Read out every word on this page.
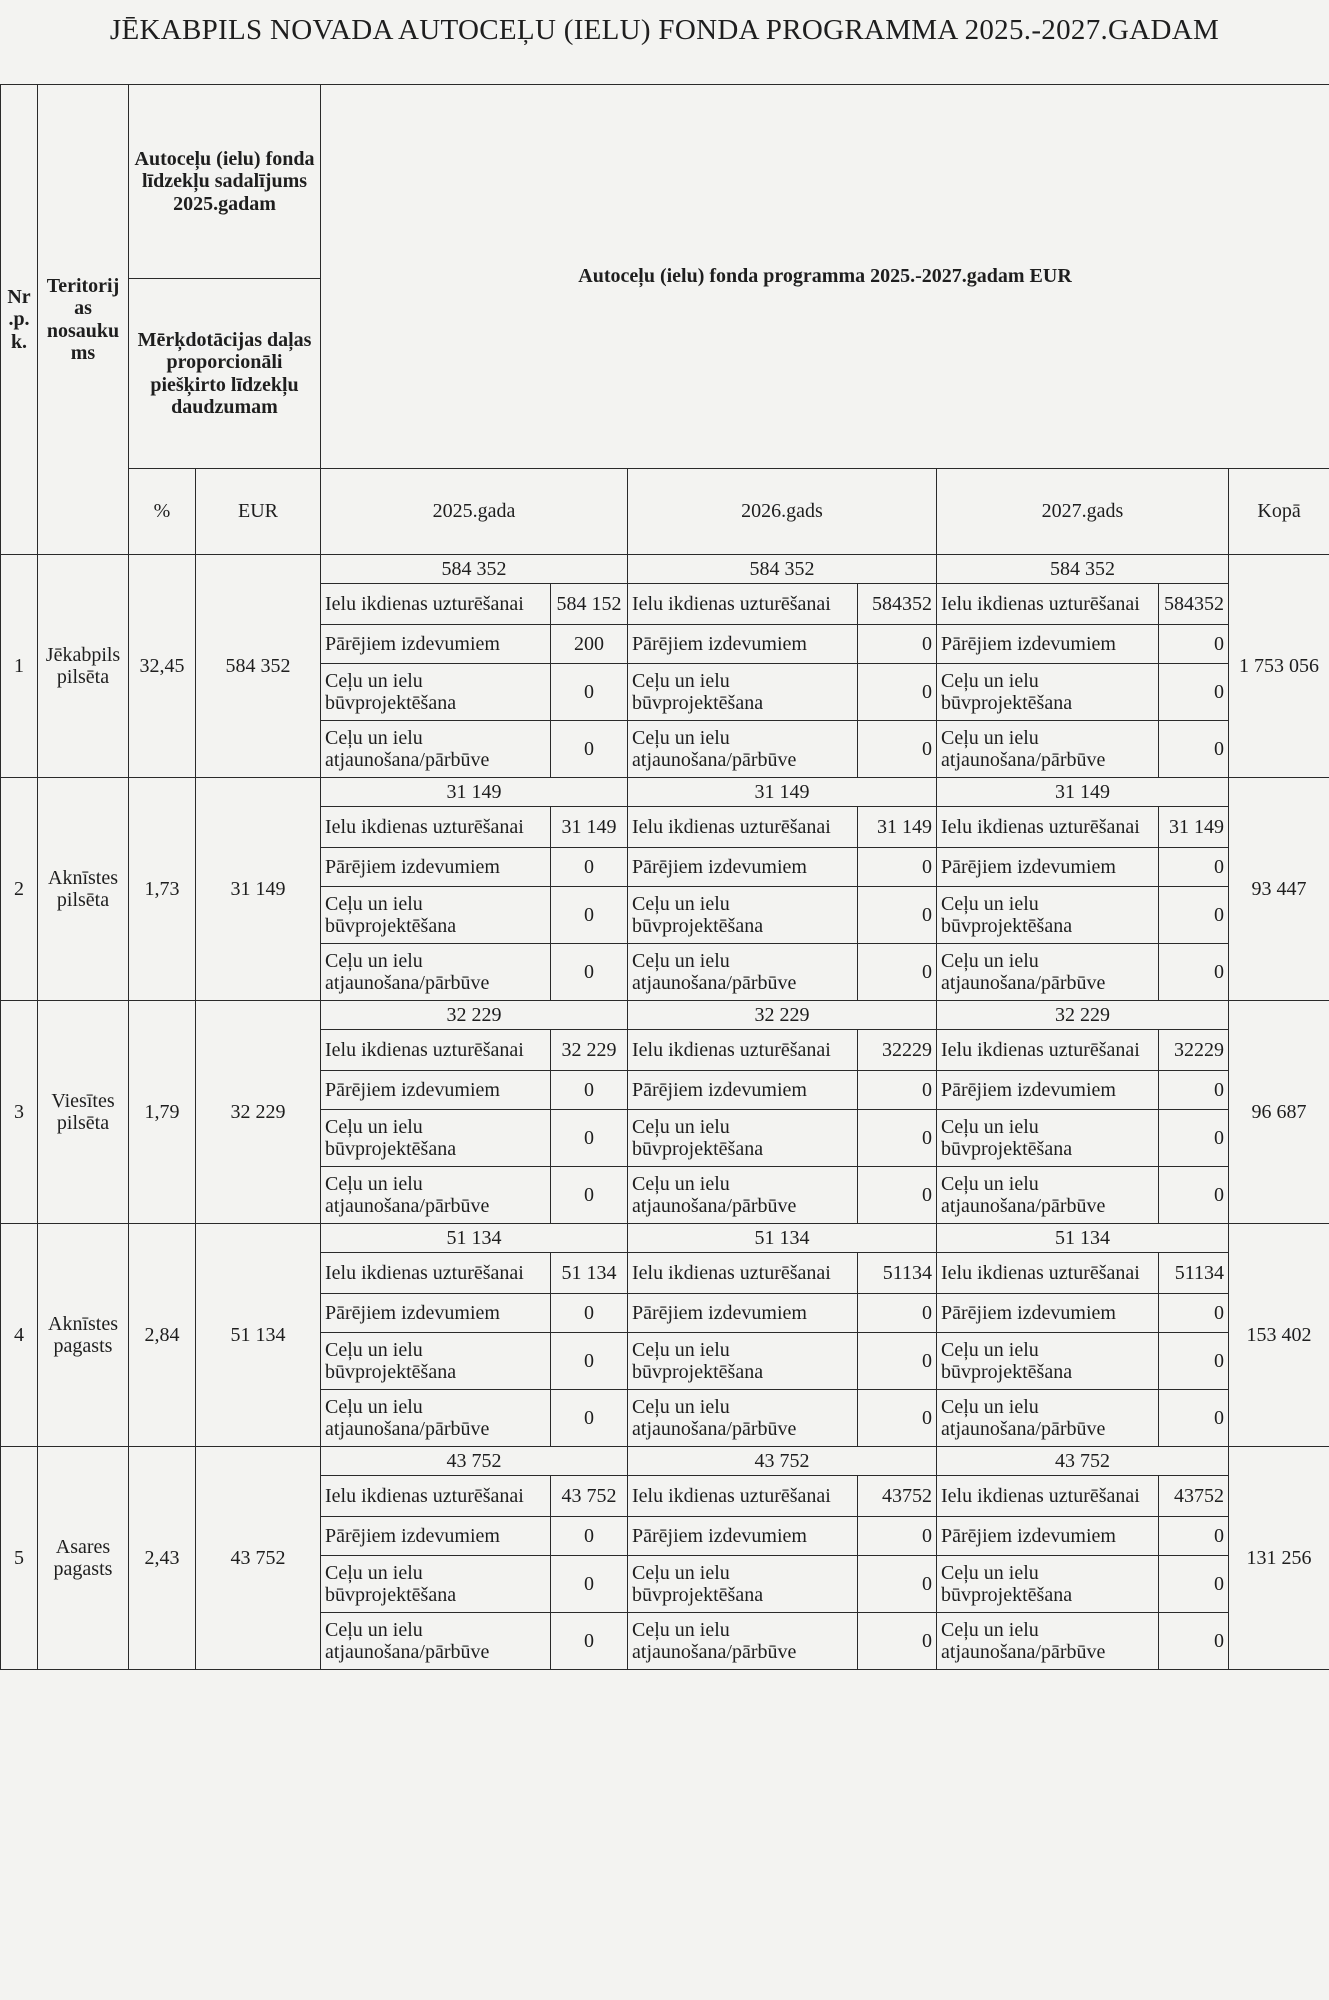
JĒKABPILS NOVADA AUTOCEĻU (IELU) FONDA PROGRAMMA 2025.-2027.GADAM
Nr .p. k.	Teritorij as nosauku ms	Autoceļu (ielu) fonda līdzekļu sadalījums 2025.gadam		Autoceļu (ielu) fonda programma 2025.-2027.gadam EUR						
		Mērķdotācijas daļas proporcionāli piešķirto līdzekļu daudzumam								
		%	EUR	2025.gada		2026.gads		2027.gads		Kopā
1	Jēkabpils pilsēta	32,45	584 352	584 352		584 352		584 352		1 753 056
				Ielu ikdienas uzturēšanai	584 152	Ielu ikdienas uzturēšanai	584352	Ielu ikdienas uzturēšanai	584352	
				Pārējiem izdevumiem	200	Pārējiem izdevumiem	0	Pārējiem izdevumiem	0	
				Ceļu un ielu būvprojektēšana	0	Ceļu un ielu būvprojektēšana	0	Ceļu un ielu būvprojektēšana	0	
				Ceļu un ielu atjaunošana/pārbūve	0	Ceļu un ielu atjaunošana/pārbūve	0	Ceļu un ielu atjaunošana/pārbūve	0	
2	Aknīstes pilsēta	1,73	31 149	31 149		31 149		31 149		93 447
				Ielu ikdienas uzturēšanai	31 149	Ielu ikdienas uzturēšanai	31 149	Ielu ikdienas uzturēšanai	31 149	
				Pārējiem izdevumiem	0	Pārējiem izdevumiem	0	Pārējiem izdevumiem	0	
				Ceļu un ielu būvprojektēšana	0	Ceļu un ielu būvprojektēšana	0	Ceļu un ielu būvprojektēšana	0	
				Ceļu un ielu atjaunošana/pārbūve	0	Ceļu un ielu atjaunošana/pārbūve	0	Ceļu un ielu atjaunošana/pārbūve	0	
3	Viesītes pilsēta	1,79	32 229	32 229		32 229		32 229		96 687
				Ielu ikdienas uzturēšanai	32 229	Ielu ikdienas uzturēšanai	32229	Ielu ikdienas uzturēšanai	32229	
				Pārējiem izdevumiem	0	Pārējiem izdevumiem	0	Pārējiem izdevumiem	0	
				Ceļu un ielu būvprojektēšana	0	Ceļu un ielu būvprojektēšana	0	Ceļu un ielu būvprojektēšana	0	
				Ceļu un ielu atjaunošana/pārbūve	0	Ceļu un ielu atjaunošana/pārbūve	0	Ceļu un ielu atjaunošana/pārbūve	0	
4	Aknīstes pagasts	2,84	51 134	51 134		51 134		51 134		153 402
				Ielu ikdienas uzturēšanai	51 134	Ielu ikdienas uzturēšanai	51134	Ielu ikdienas uzturēšanai	51134	
				Pārējiem izdevumiem	0	Pārējiem izdevumiem	0	Pārējiem izdevumiem	0	
				Ceļu un ielu būvprojektēšana	0	Ceļu un ielu būvprojektēšana	0	Ceļu un ielu būvprojektēšana	0	
				Ceļu un ielu atjaunošana/pārbūve	0	Ceļu un ielu atjaunošana/pārbūve	0	Ceļu un ielu atjaunošana/pārbūve	0	
5	Asares pagasts	2,43	43 752	43 752		43 752		43 752		131 256
				Ielu ikdienas uzturēšanai	43 752	Ielu ikdienas uzturēšanai	43752	Ielu ikdienas uzturēšanai	43752	
				Pārējiem izdevumiem	0	Pārējiem izdevumiem	0	Pārējiem izdevumiem	0	
				Ceļu un ielu būvprojektēšana	0	Ceļu un ielu būvprojektēšana	0	Ceļu un ielu būvprojektēšana	0	
				Ceļu un ielu atjaunošana/pārbūve	0	Ceļu un ielu atjaunošana/pārbūve	0	Ceļu un ielu atjaunošana/pārbūve	0	
